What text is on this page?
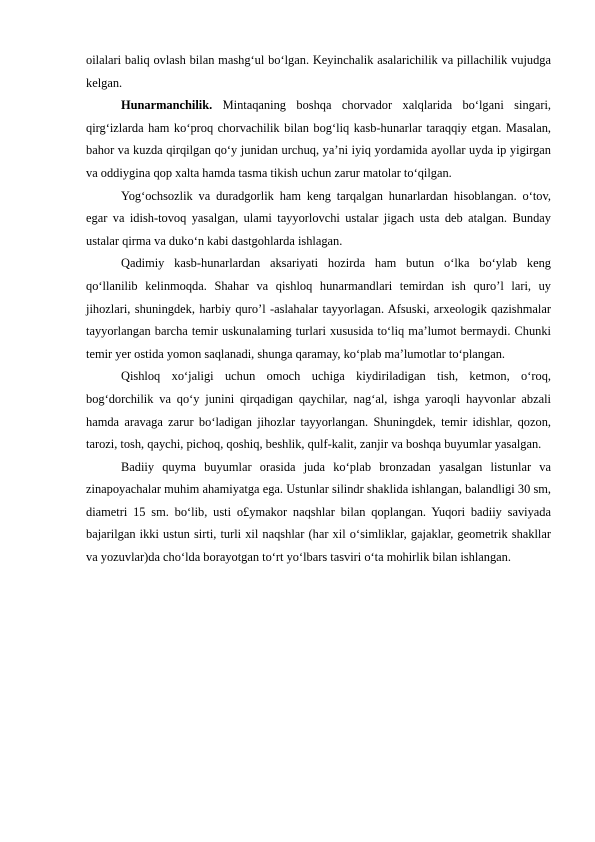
oilalari baliq ovlash bilan mashg‘ul bo‘lgan. Keyinchalik asalarichilik va pillachilik vujudga kelgan.

Hunarmanchilik. Mintaqaning boshqa chorvador xalqlarida bo‘lgani singari, qirg‘izlarda ham ko‘proq chorvachilik bilan bog‘liq kasb-hunarlar taraqqiy etgan. Masalan, bahor va kuzda qirqilgan qo‘y junidan urchuq, ya’ni iyiq yordamida ayollar uyda ip yigirgan va oddiygina qop xalta hamda tasma tikish uchun zarur matolar to‘qilgan.

Yog‘ochsozlik va duradgorlik ham keng tarqalgan hunarlardan hisoblangan. o‘tov, egar va idish-tovoq yasalgan, ulami tayyorlovchi ustalar jigach usta deb atalgan. Bunday ustalar qirma va duko‘n kabi dastgohlarda ishlagan.

Qadimiy kasb-hunarlardan aksariyati hozirda ham butun o‘lka bo‘ylab keng qo‘llanilib kelinmoqda. Shahar va qishloq hunarmandlari temirdan ish quro’l lari, uy jihozlari, shuningdek, harbiy quro’l -aslahalar tayyorlagan. Afsuski, arxeologik qazishmalar tayyorlangan barcha temir uskunalaming turlari xususida to‘liq ma’lumot bermaydi. Chunki temir yer ostida yomon saqlanadi, shunga qaramay, ko‘plab ma’lumotlar to‘plangan.

Qishloq xo‘jaligi uchun omoch uchiga kiydiriladigan tish, ketmon, o‘roq, bog‘dorchilik va qo‘y junini qirqadigan qaychilar, nag‘al, ishga yaroqli hayvonlar abzali hamda aravaga zarur bo‘ladigan jihozlar tayyorlangan. Shuningdek, temir idishlar, qozon, tarozi, tosh, qaychi, pichoq, qoshiq, beshlik, qulf-kalit, zanjir va boshqa buyumlar yasalgan.

Badiiy quyma buyumlar orasida juda ko‘plab bronzadan yasalgan listunlar va zinapoyachalar muhim ahamiyatga ega. Ustunlar silindr shaklida ishlangan, balandligi 30 sm, diametri 15 sm. bo‘lib, usti o£ymakor naqshlar bilan qoplangan. Yuqori badiiy saviyada bajarilgan ikki ustun sirti, turli xil naqshlar (har xil o‘simliklar, gajaklar, geometrik shakllar va yozuvlar)da cho‘lda borayotgan to‘rt yo‘lbars tasviri o‘ta mohirlik bilan ishlangan.
